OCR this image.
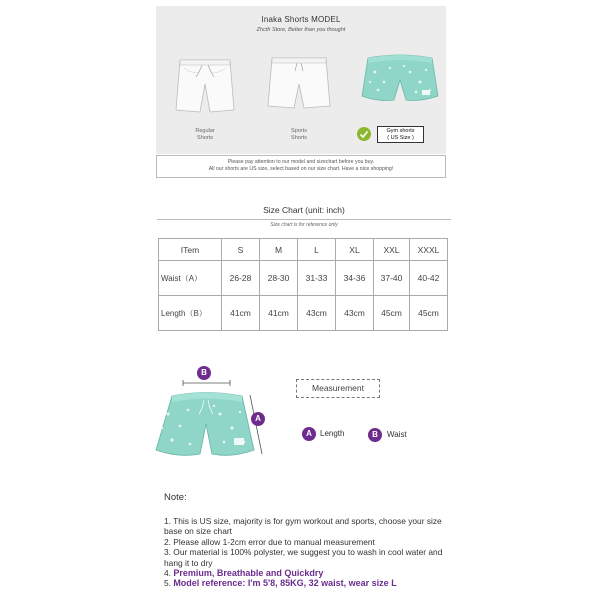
Inaka Shorts MODEL
Zhcth Store, Better than you thought
Regular
Shorts
Sports
Shorts
Gym shorts
( US Size )
Please pay attention to our model and sizechart before you buy.
All our shorts are US size, select based on our size chart. Have a nice shopping!
Size Chart (unit: inch)
Size chart is for reference only
ITem	S	M	L	XL	XXL	XXXL
Waist（A）	26-28	28-30	31-33	34-36	37-40	40-42
Length（B）	41cm	41cm	43cm	43cm	45cm	45cm
B
A
Measurement
A	Length	B	Waist
Note:
1. This is US size, majority is for gym workout and sports, choose your size base on size chart
2. Please allow 1-2cm error due to manual measurement
3. Our material is 100% polyster, we suggest you to wash in cool water and hang it to dry
4. Premium, Breathable and Quickdry
5. Model reference: I'm 5'8, 85KG, 32 waist, wear size L
